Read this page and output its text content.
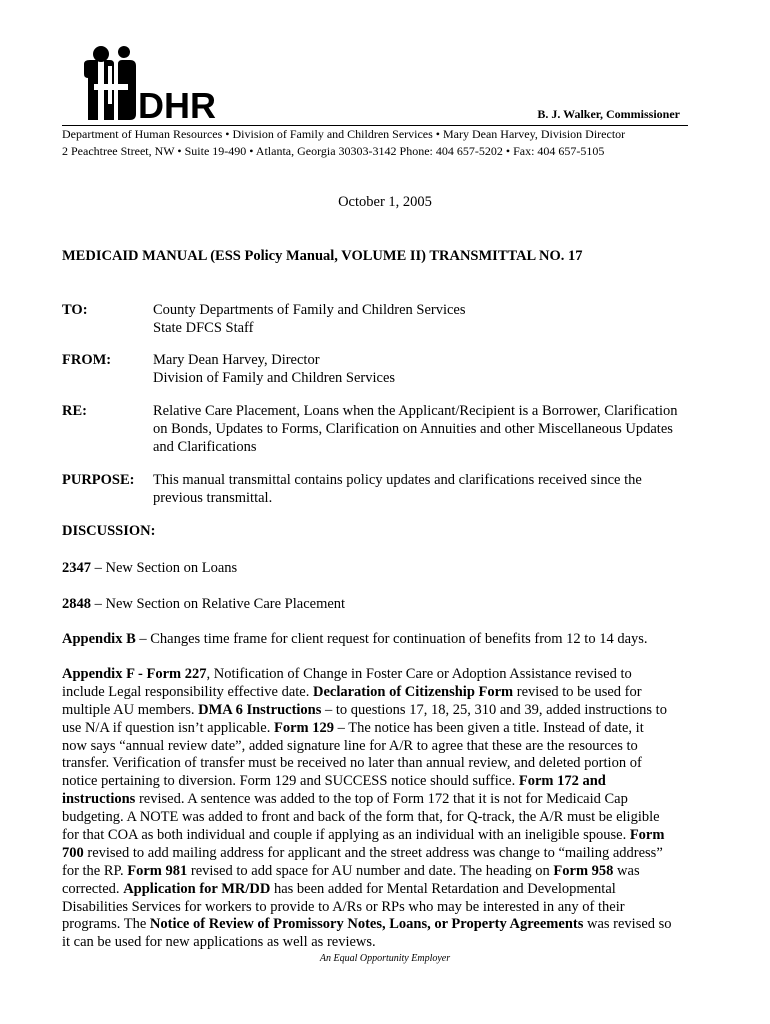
DHR	B. J. Walker, Commissioner
Department of Human Resources • Division of Family and Children Services • Mary Dean Harvey, Division Director
2 Peachtree Street, NW • Suite 19-490 • Atlanta, Georgia 30303-3142 Phone: 404 657-5202 • Fax: 404 657-5105
October 1, 2005
MEDICAID MANUAL (ESS Policy Manual, VOLUME II) TRANSMITTAL NO. 17
TO:	County Departments of Family and Children Services
State DFCS Staff
FROM:	Mary Dean Harvey, Director
Division of Family and Children Services
RE:	Relative Care Placement, Loans when the Applicant/Recipient is a Borrower, Clarification
on Bonds, Updates to Forms, Clarification on Annuities and other Miscellaneous Updates
and Clarifications
PURPOSE: This manual transmittal contains policy updates and clarifications received since the
previous transmittal.
DISCUSSION:
2347 – New Section on Loans
2848 – New Section on Relative Care Placement
Appendix B – Changes time frame for client request for continuation of benefits from 12 to 14 days.
Appendix F - Form 227, Notification of Change in Foster Care or Adoption Assistance revised to
include Legal responsibility effective date. Declaration of Citizenship Form revised to be used for
multiple AU members. DMA 6 Instructions – to questions 17, 18, 25, 310 and 39, added instructions to
use N/A if question isn’t applicable. Form 129 – The notice has been given a title. Instead of date, it
now says “annual review date”, added signature line for A/R to agree that these are the resources to
transfer. Verification of transfer must be received no later than annual review, and deleted portion of
notice pertaining to diversion. Form 129 and SUCCESS notice should suffice. Form 172 and
instructions revised. A sentence was added to the top of Form 172 that it is not for Medicaid Cap
budgeting. A NOTE was added to front and back of the form that, for Q-track, the A/R must be eligible
for that COA as both individual and couple if applying as an individual with an ineligible spouse. Form
700 revised to add mailing address for applicant and the street address was change to “mailing address”
for the RP. Form 981 revised to add space for AU number and date. The heading on Form 958 was
corrected. Application for MR/DD has been added for Mental Retardation and Developmental
Disabilities Services for workers to provide to A/Rs or RPs who may be interested in any of their
programs. The Notice of Review of Promissory Notes, Loans, or Property Agreements was revised so
it can be used for new applications as well as reviews.
An Equal Opportunity Employer
